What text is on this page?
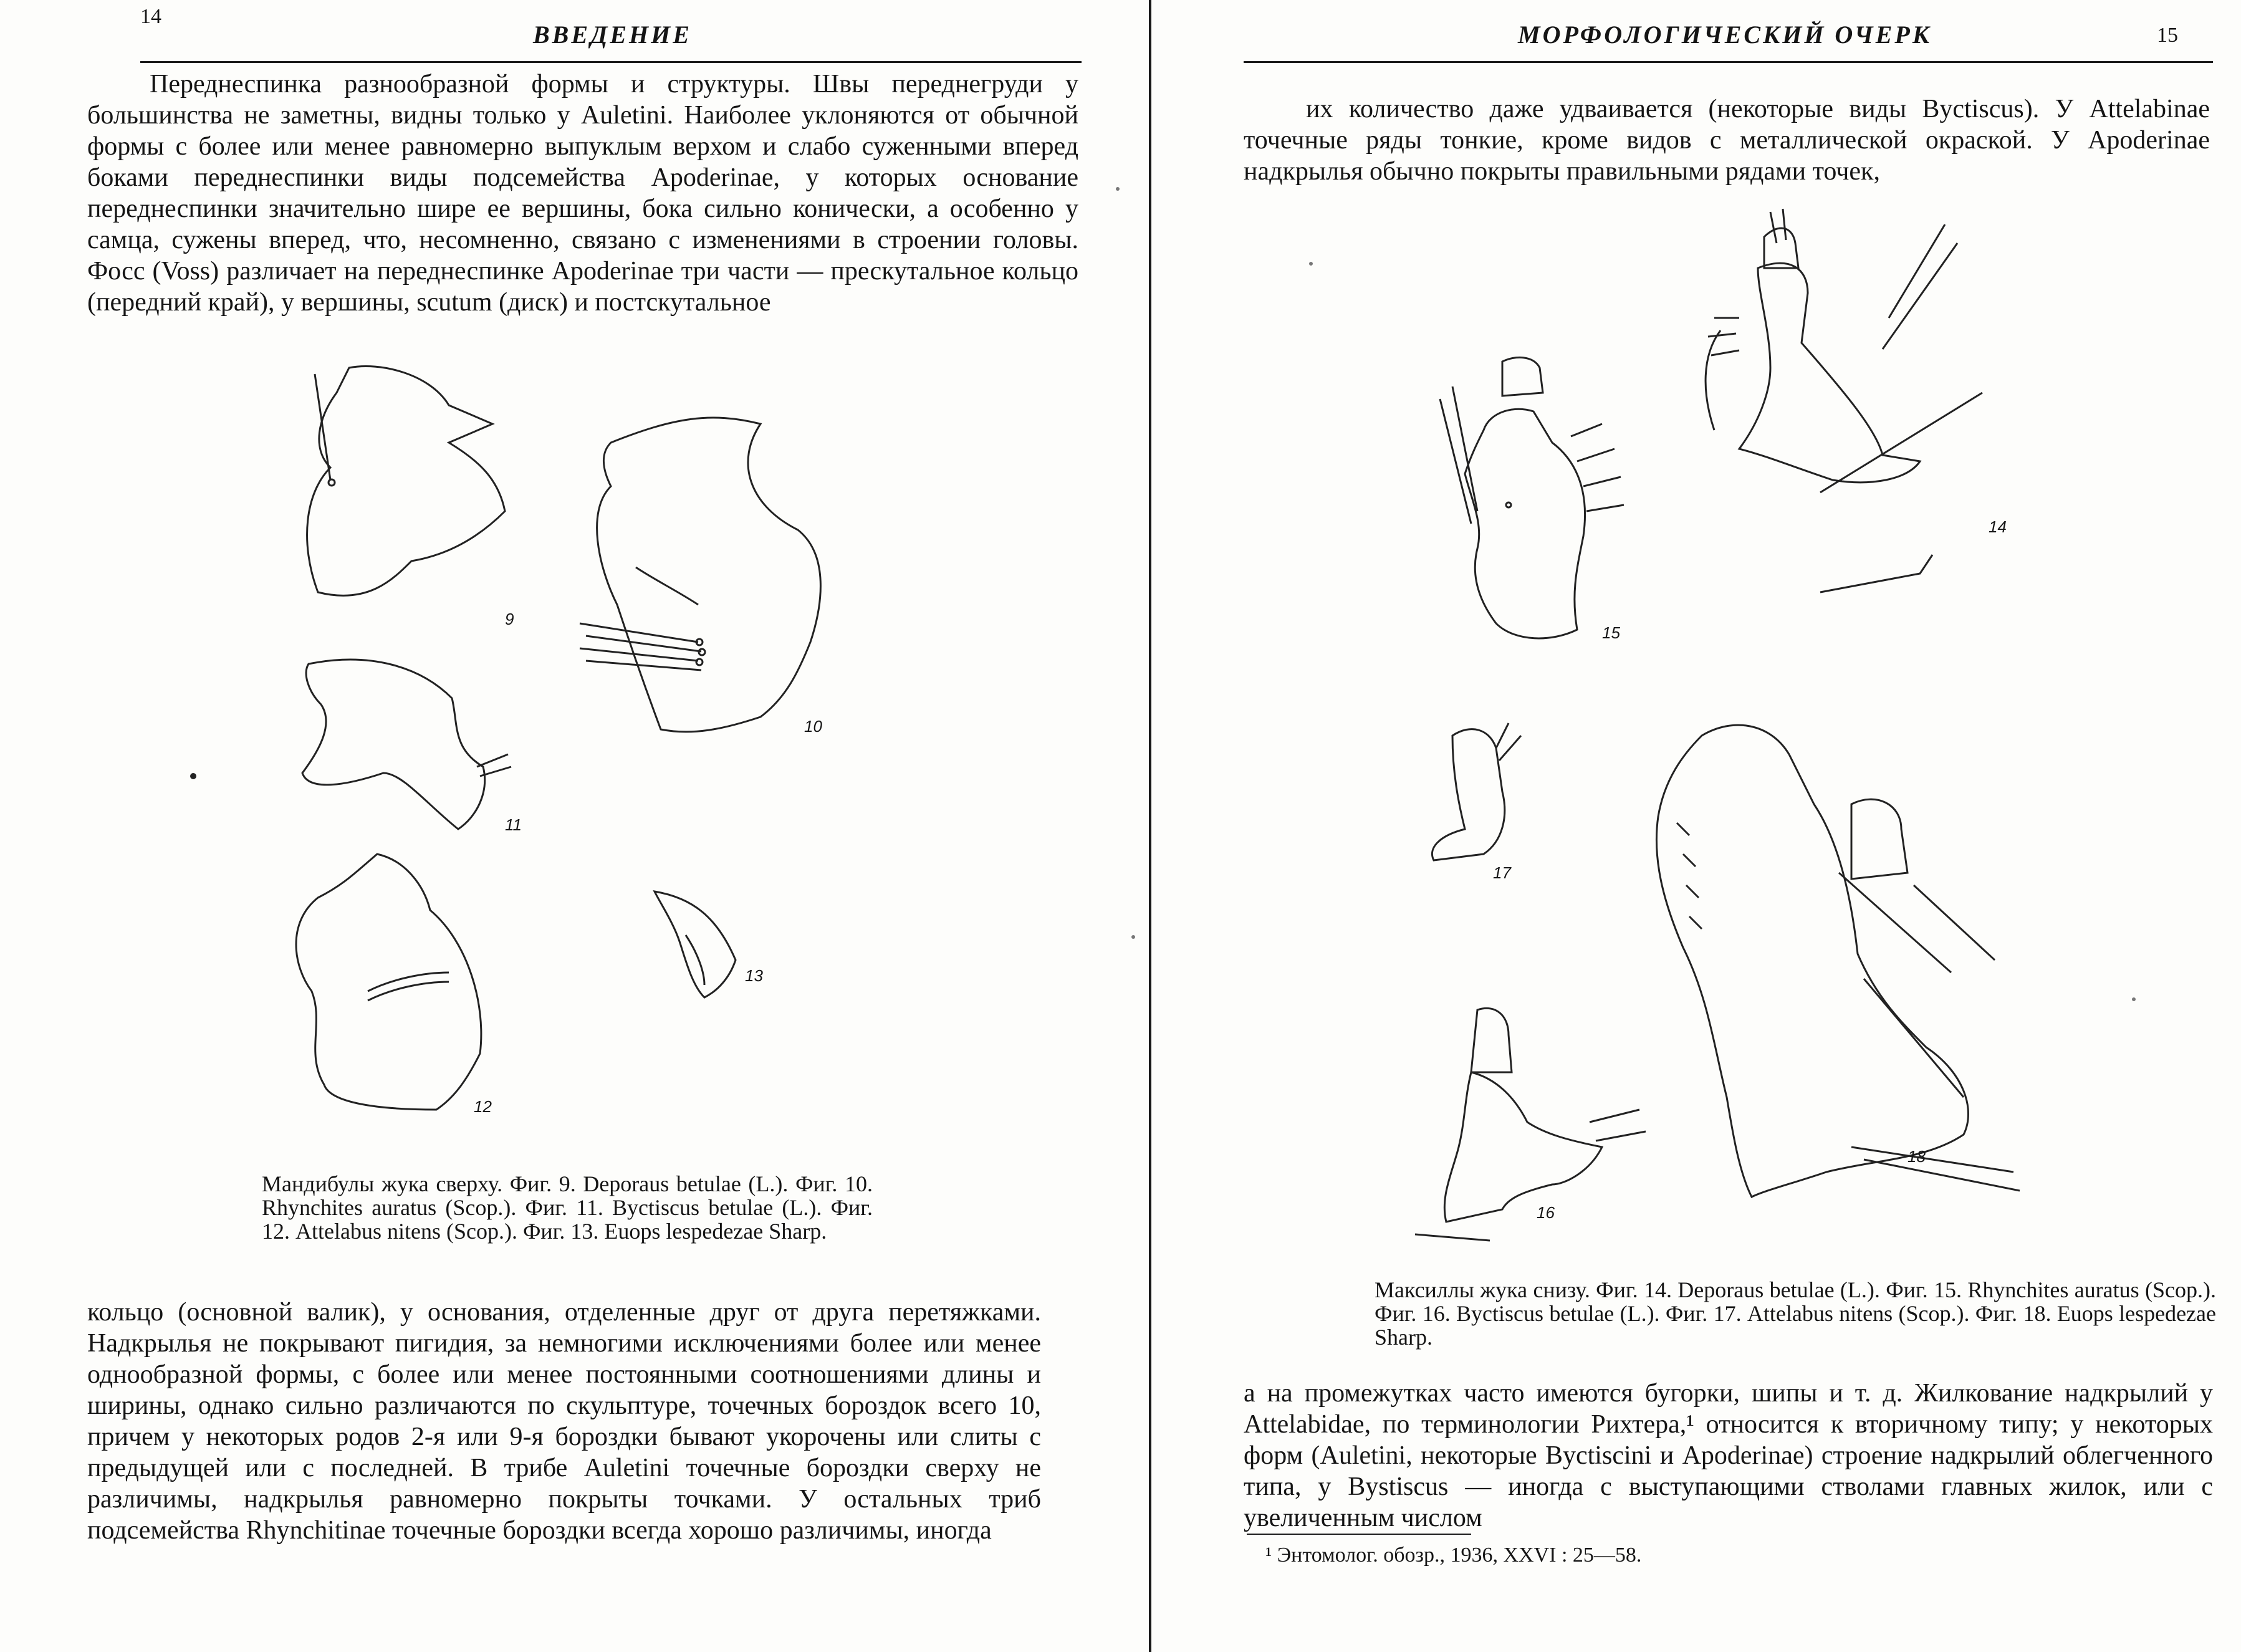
14
ВВЕДЕНИЕ

Переднеспинка разнообразной формы и структуры. Швы переднегруди у большинства не заметны, видны только у Auletini. Наиболее уклоняются от обычной формы с более или менее равномерно выпуклым верхом и слабо суженными вперед боками переднеспинки виды подсемейства Apoderinae, у которых основание переднеспинки значительно шире ее вершины, бока сильно конически, а особенно у самца, сужены вперед, что, несомненно, связано с изменениями в строении головы. Фосс (Voss) различает на переднеспинке Apoderinae три части — прескутальное кольцо (передний край), у вершины, scutum (диск) и постскутальное

9
10
11
12
13
Мандибулы жука сверху. Фиг. 9. Deporaus betulae (L.). Фиг. 10. Rhynchites auratus (Scop.). Фиг. 11. Byctiscus betulae (L.). Фиг. 12. Attelabus nitens (Scop.). Фиг. 13. Euops lespedezae Sharp.

кольцо (основной валик), у основания, отделенные друг от друга перетяжками. Надкрылья не покрывают пигидия, за немногими исключениями более или менее однообразной формы, с более или менее постоянными соотношениями длины и ширины, однако сильно различаются по скульптуре, точечных бороздок всего 10, причем у некоторых родов 2-я или 9-я бороздки бывают укорочены или слиты с предыдущей или с последней. В трибе Auletini точечные бороздки сверху не различимы, надкрылья равномерно покрыты точками. У остальных триб подсемейства Rhynchitinae точечные бороздки всегда хорошо различимы, иногда

МОРФОЛОГИЧЕСКИЙ ОЧЕРК	15

их количество даже удваивается (некоторые виды Byctiscus). У Attelabinae точечные ряды тонкие, кроме видов с металлической окраской. У Apoderinae надкрылья обычно покрыты правильными рядами точек,

14
15
17
18
16
Максиллы жука снизу. Фиг. 14. Deporaus betulae (L.). Фиг. 15. Rhynchites auratus (Scop.). Фиг. 16. Byctiscus betulae (L.). Фиг. 17. Attelabus nitens (Scop.). Фиг. 18. Euops lespedezae Sharp.

а на промежутках часто имеются бугорки, шипы и т. д. Жилкование надкрылий у Attelabidae, по терминологии Рихтера,¹ относится к вторичному типу; у некоторых форм (Auletini, некоторые Byctiscini и Apoderinae) строение надкрылий облегченного типа, у Bystiscus — иногда с выступающими стволами главных жилок, или с увеличенным числом

¹ Энтомолог. обозр., 1936, XXVI : 25—58.
